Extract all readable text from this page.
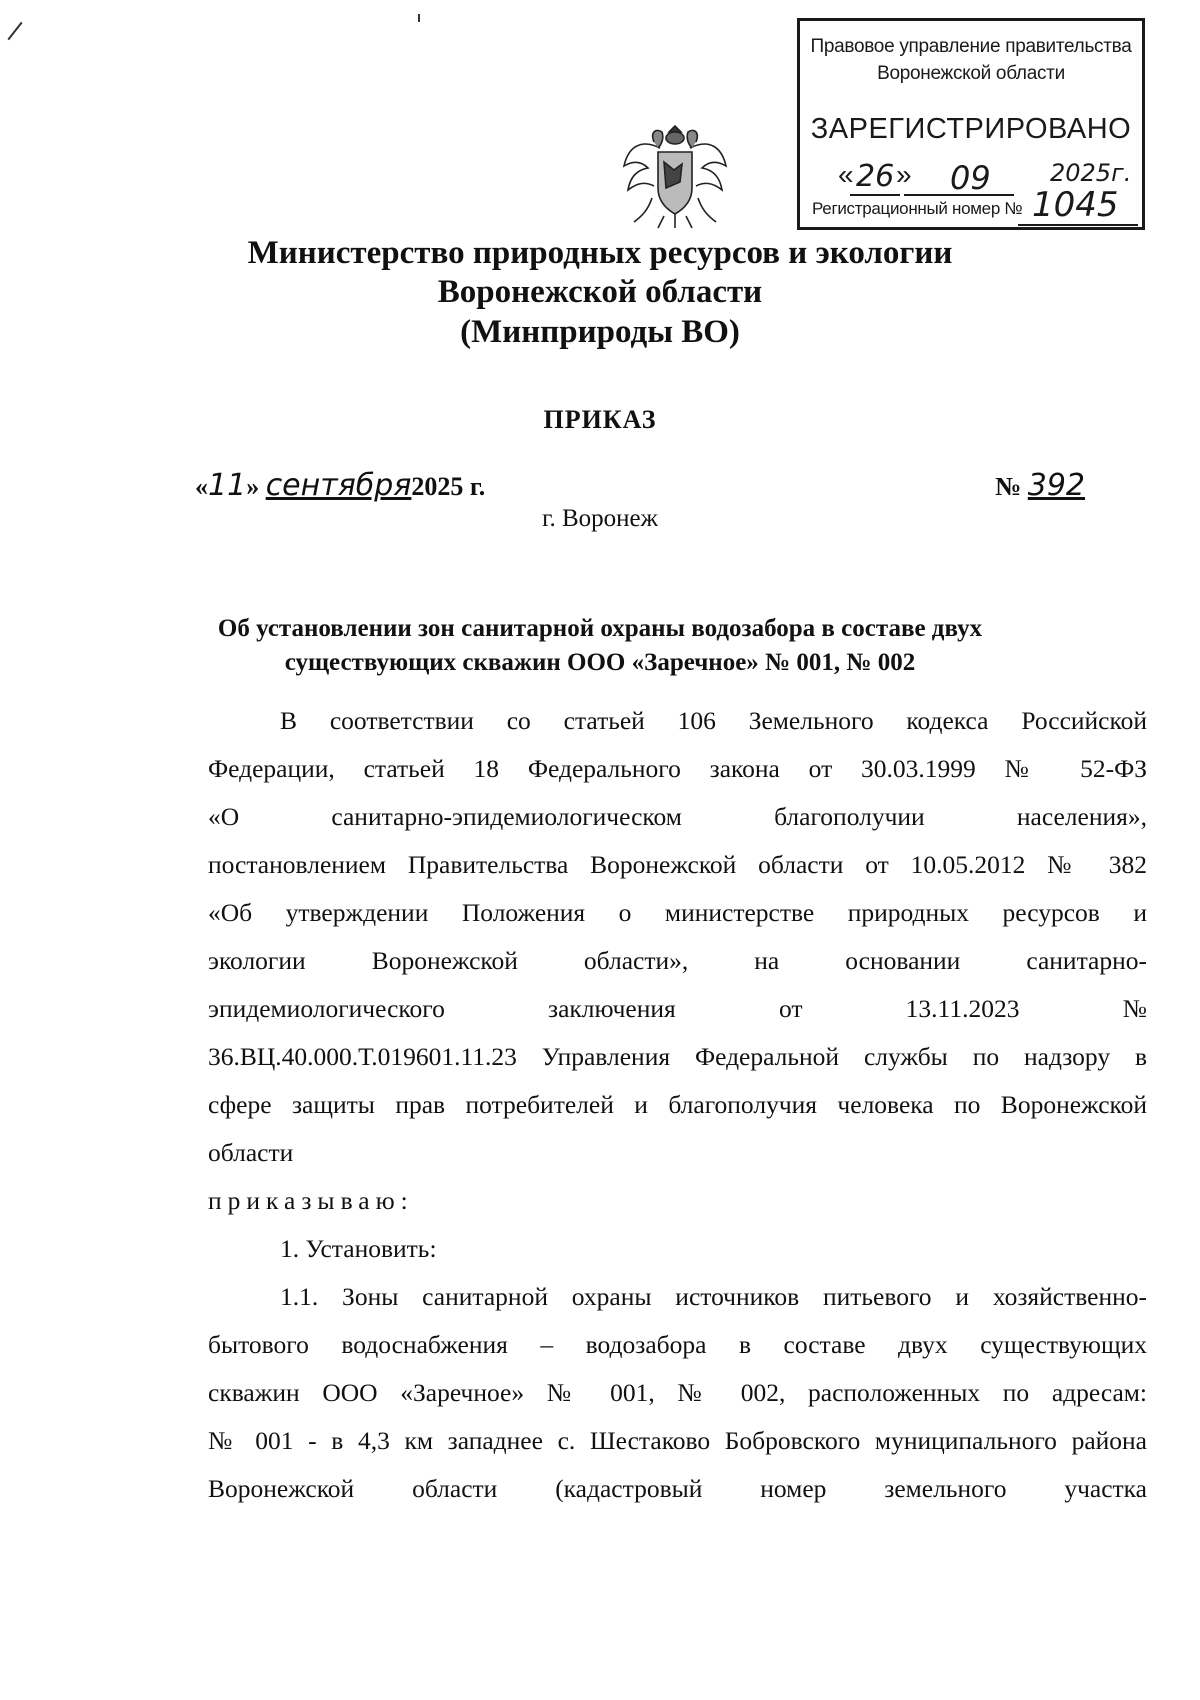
Правовое управление правительства
Воронежской области
ЗАРЕГИСТРИРОВАНО
« 26 » 09 2025г.
Регистрационный номер № 1045
Министерство природных ресурсов и экологии
Воронежской области
(Минприроды ВО)
ПРИКАЗ
«11» сентября2025 г.	№ 392
г. Воронеж
Об установлении зон санитарной охраны водозабора в составе двух
существующих скважин ООО «Заречное» № 001, № 002
В соответствии со статьей 106 Земельного кодекса Российской
Федерации, статьей 18 Федерального закона от 30.03.1999 № 52-ФЗ
«О санитарно-эпидемиологическом благополучии населения»,
постановлением Правительства Воронежской области от 10.05.2012 № 382
«Об утверждении Положения о министерстве природных ресурсов и
экологии Воронежской области», на основании санитарно-
эпидемиологического заключения от 13.11.2023 №
36.ВЦ.40.000.Т.019601.11.23 Управления Федеральной службы по надзору в
сфере защиты прав потребителей и благополучия человека по Воронежской
области
приказываю:
1. Установить:
1.1. Зоны санитарной охраны источников питьевого и хозяйственно-
бытового водоснабжения – водозабора в составе двух существующих
скважин ООО «Заречное» № 001, № 002, расположенных по адресам:
№ 001 - в 4,3 км западнее с. Шестаково Бобровского муниципального района
Воронежской области (кадастровый номер земельного участка
